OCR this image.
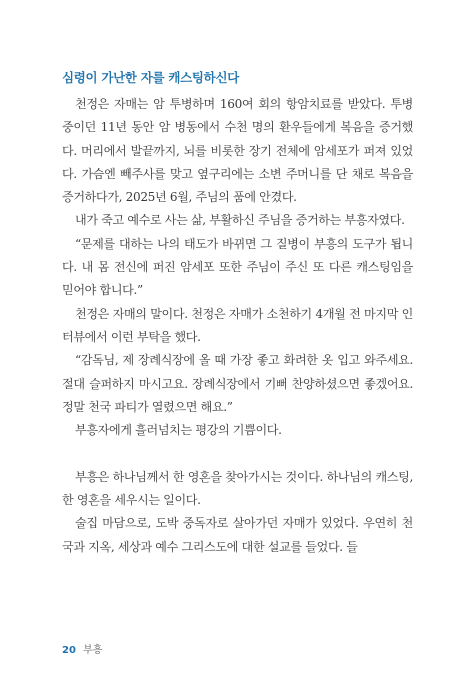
심령이 가난한 자를 캐스팅하신다

천정은 자매는 암 투병하며 160여 회의 항암치료를 받았다. 투병 중이던 11년 동안 암 병동에서 수천 명의 환우들에게 복음을 증거했다. 머리에서 발끝까지, 뇌를 비롯한 장기 전체에 암세포가 퍼져 있었다. 가슴엔 빼주사를 맞고 옆구리에는 소변 주머니를 단 채로 복음을 증거하다가, 2025년 6월, 주님의 품에 안겼다.

내가 죽고 예수로 사는 삶, 부활하신 주님을 증거하는 부흥자였다.

“문제를 대하는 나의 태도가 바뀌면 그 질병이 부흥의 도구가 됩니다. 내 몸 전신에 퍼진 암세포 또한 주님이 주신 또 다른 캐스팅임을 믿어야 합니다.”

천정은 자매의 말이다. 천정은 자매가 소천하기 4개월 전 마지막 인터뷰에서 이런 부탁을 했다.

“감독님, 제 장례식장에 올 때 가장 좋고 화려한 옷 입고 와주세요. 절대 슬퍼하지 마시고요. 장례식장에서 기뻐 찬양하셨으면 좋겠어요. 정말 천국 파티가 열렸으면 해요.”

부흥자에게 흘러넘치는 평강의 기쁨이다.

부흥은 하나님께서 한 영혼을 찾아가시는 것이다. 하나님의 캐스팅, 한 영혼을 세우시는 일이다.

술집 마담으로, 도박 중독자로 살아가던 자매가 있었다. 우연히 천국과 지옥, 세상과 예수 그리스도에 대한 설교를 들었다. 들

20 부흥
